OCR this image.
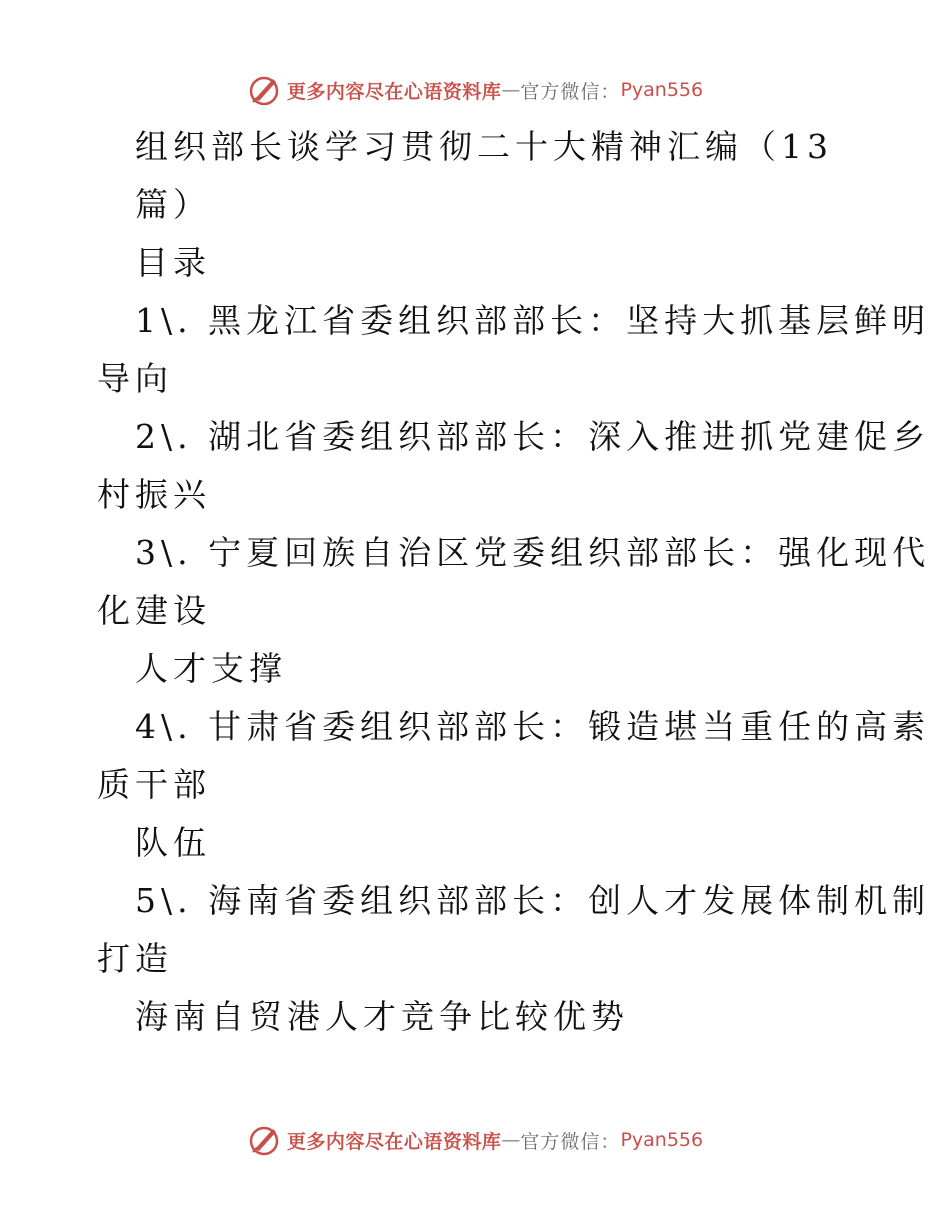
更多内容尽在心语资料库 — 官方微信： Pyan556
组织部长谈学习贯彻二十大精神汇编（13
篇）
目录
1\. 黑龙江省委组织部部长：坚持大抓基层鲜明
导向
2\. 湖北省委组织部部长：深入推进抓党建促乡
村振兴
3\. 宁夏回族自治区党委组织部部长：强化现代
化建设
人才支撑
4\. 甘肃省委组织部部长：锻造堪当重任的高素
质干部
队伍
5\. 海南省委组织部部长：创人才发展体制机制
打造
海南自贸港人才竞争比较优势
更多内容尽在心语资料库 — 官方微信： Pyan556
